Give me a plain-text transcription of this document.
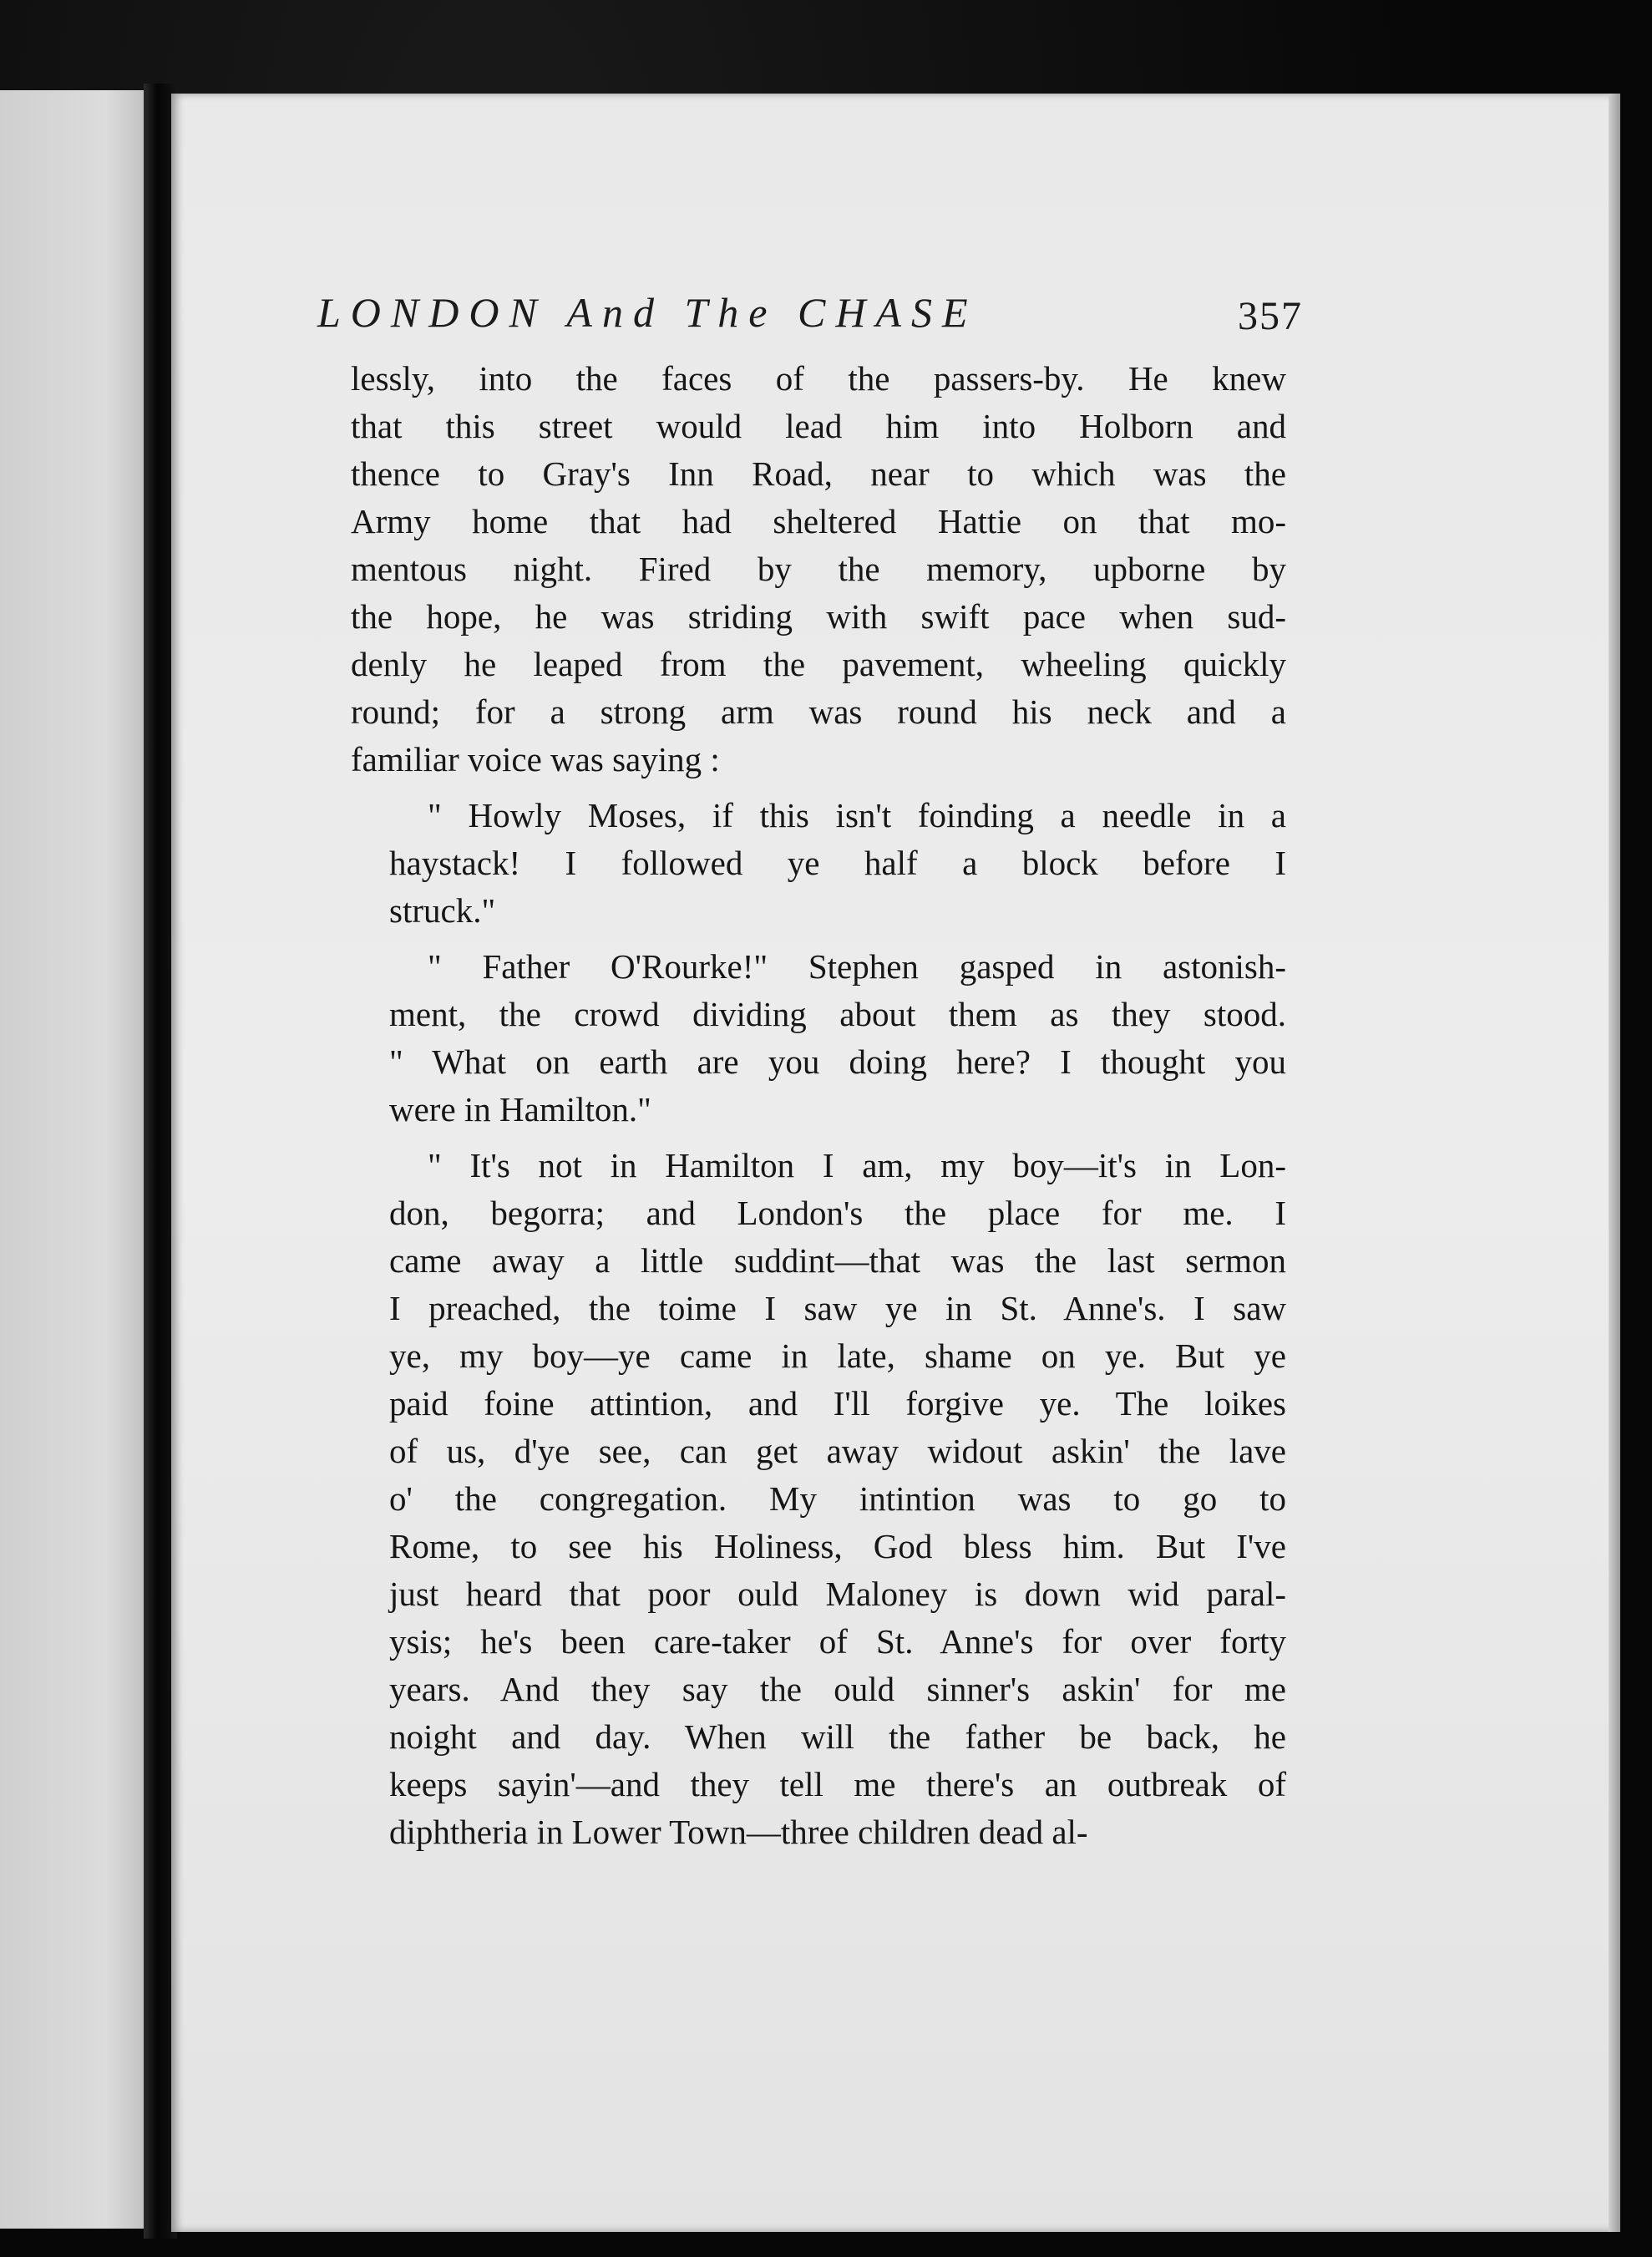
LONDON And The CHASE	357
lessly, into the faces of the passers-by. He knew
that this street would lead him into Holborn and
thence to Gray's Inn Road, near to which was the
Army home that had sheltered Hattie on that mo-
mentous night. Fired by the memory, upborne by
the hope, he was striding with swift pace when sud-
denly he leaped from the pavement, wheeling quickly
round; for a strong arm was round his neck and a
familiar voice was saying :
" Howly Moses, if this isn't foinding a needle in a
haystack! I followed ye half a block before I
struck."
" Father O'Rourke!" Stephen gasped in astonish-
ment, the crowd dividing about them as they stood.
" What on earth are you doing here? I thought you
were in Hamilton."
" It's not in Hamilton I am, my boy—it's in Lon-
don, begorra; and London's the place for me. I
came away a little suddint—that was the last sermon
I preached, the toime I saw ye in St. Anne's. I saw
ye, my boy—ye came in late, shame on ye. But ye
paid foine attintion, and I'll forgive ye. The loikes
of us, d'ye see, can get away widout askin' the lave
o' the congregation. My intintion was to go to
Rome, to see his Holiness, God bless him. But I've
just heard that poor ould Maloney is down wid paral-
ysis; he's been care-taker of St. Anne's for over forty
years. And they say the ould sinner's askin' for me
noight and day. When will the father be back, he
keeps sayin'—and they tell me there's an outbreak of
diphtheria in Lower Town—three children dead al-
